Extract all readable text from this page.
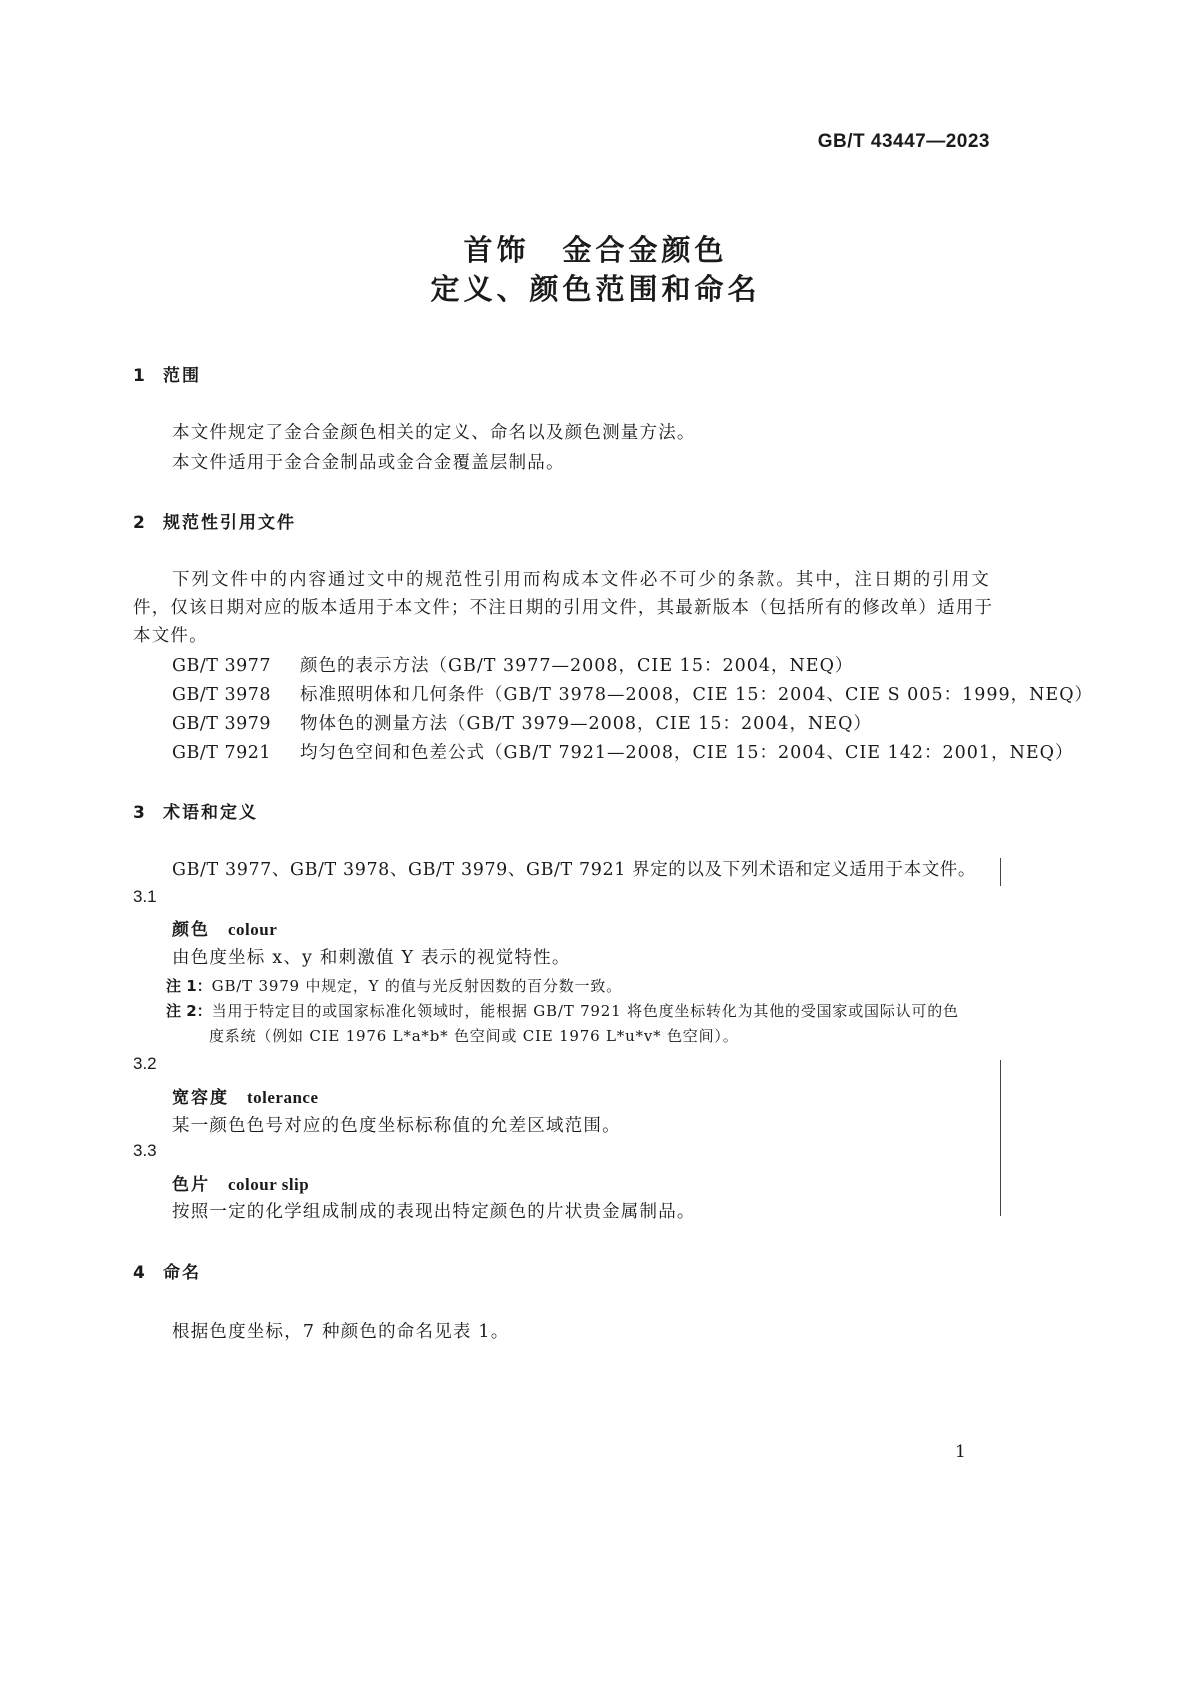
GB/T 43447—2023
首饰　金合金颜色
定义、颜色范围和命名
1 范围
本文件规定了金合金颜色相关的定义、命名以及颜色测量方法。
本文件适用于金合金制品或金合金覆盖层制品。
2 规范性引用文件
下列文件中的内容通过文中的规范性引用而构成本文件必不可少的条款。其中，注日期的引用文
件，仅该日期对应的版本适用于本文件；不注日期的引用文件，其最新版本（包括所有的修改单）适用于
本文件。
GB/T 3977 颜色的表示方法（GB/T 3977—2008，CIE 15：2004，NEQ）
GB/T 3978 标准照明体和几何条件（GB/T 3978—2008，CIE 15：2004、CIE S 005：1999，NEQ）
GB/T 3979 物体色的测量方法（GB/T 3979—2008，CIE 15：2004，NEQ）
GB/T 7921 均匀色空间和色差公式（GB/T 7921—2008，CIE 15：2004、CIE 142：2001，NEQ）
3 术语和定义
GB/T 3977、GB/T 3978、GB/T 3979、GB/T 7921 界定的以及下列术语和定义适用于本文件。
3.1
颜色 colour
由色度坐标 x、y 和刺激值 Y 表示的视觉特性。
注 1：GB/T 3979 中规定，Y 的值与光反射因数的百分数一致。
注 2：当用于特定目的或国家标准化领域时，能根据 GB/T 7921 将色度坐标转化为其他的受国家或国际认可的色
度系统（例如 CIE 1976 L*a*b* 色空间或 CIE 1976 L*u*v* 色空间）。
3.2
宽容度 tolerance
某一颜色色号对应的色度坐标标称值的允差区域范围。
3.3
色片 colour slip
按照一定的化学组成制成的表现出特定颜色的片状贵金属制品。
4 命名
根据色度坐标，7 种颜色的命名见表 1。
1
